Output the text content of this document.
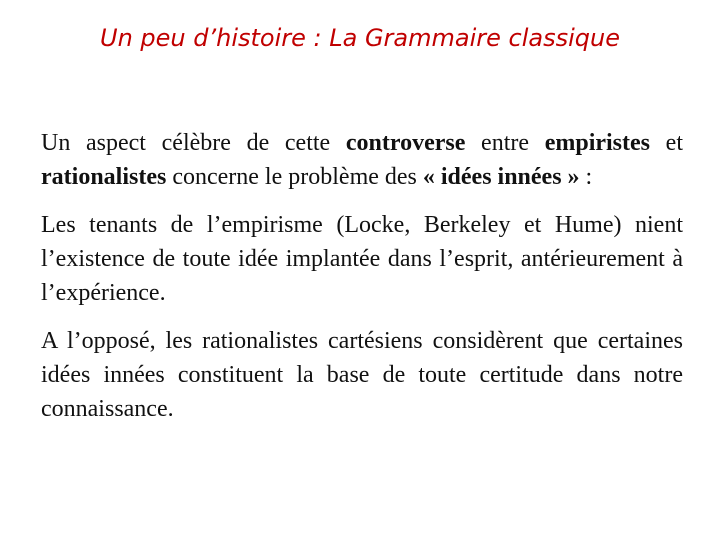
Un peu d’histoire : La Grammaire classique

Un aspect célèbre de cette controverse entre empiristes et rationalistes concerne le problème des « idées innées » :

Les tenants de l’empirisme (Locke, Berkeley et Hume) nient l’existence de toute idée implantée dans l’esprit, antérieurement à l’expérience.

A l’opposé, les rationalistes cartésiens considèrent que certaines idées innées constituent la base de toute certitude dans notre connaissance.
